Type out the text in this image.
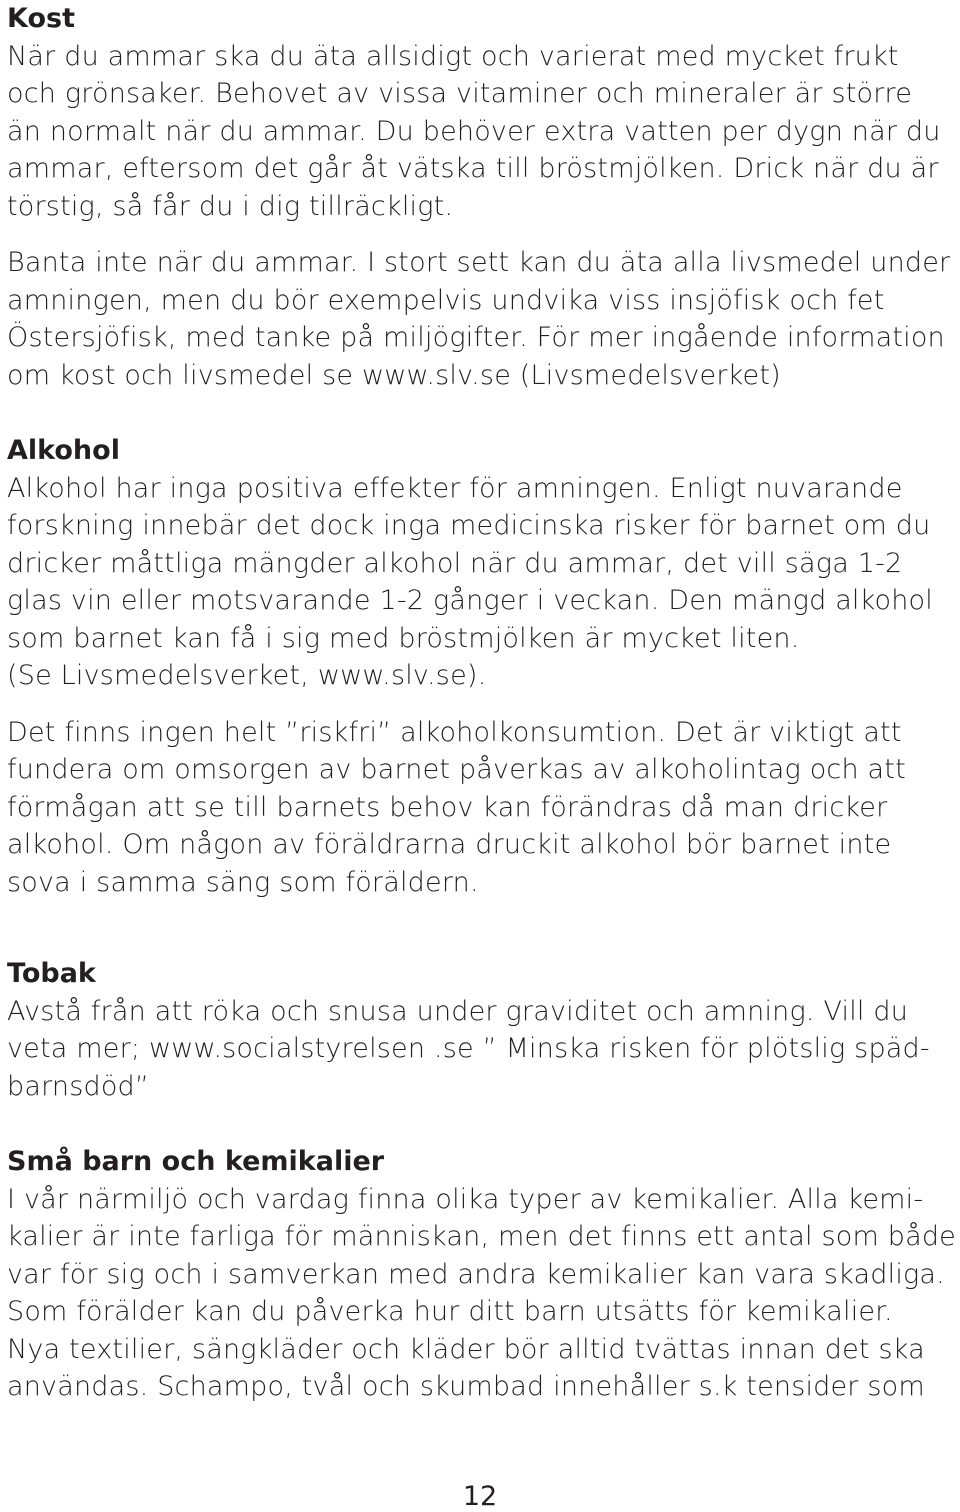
Kost
När du ammar ska du äta allsidigt och varierat med mycket frukt
och grönsaker. Behovet av vissa vitaminer och mineraler är större
än normalt när du ammar. Du behöver extra vatten per dygn när du
ammar, eftersom det går åt vätska till bröstmjölken. Drick när du är
törstig, så får du i dig tillräckligt.
Banta inte när du ammar. I stort sett kan du äta alla livsmedel under
amningen, men du bör exempelvis undvika viss insjöfisk och fet
Östersjöfisk, med tanke på miljögifter. För mer ingående information
om kost och livsmedel se www.slv.se (Livsmedelsverket)
Alkohol
Alkohol har inga positiva effekter för amningen. Enligt nuvarande
forskning innebär det dock inga medicinska risker för barnet om du
dricker måttliga mängder alkohol när du ammar, det vill säga 1-2
glas vin eller motsvarande 1-2 gånger i veckan. Den mängd alkohol
som barnet kan få i sig med bröstmjölken är mycket liten.
(Se Livsmedelsverket, www.slv.se).
Det finns ingen helt ”riskfri” alkoholkonsumtion. Det är viktigt att
fundera om omsorgen av barnet påverkas av alkoholintag och att
förmågan att se till barnets behov kan förändras då man dricker
alkohol. Om någon av föräldrarna druckit alkohol bör barnet inte
sova i samma säng som föräldern.
Tobak
Avstå från att röka och snusa under graviditet och amning. Vill du
veta mer; www.socialstyrelsen .se ” Minska risken för plötslig späd-
barnsdöd”
Små barn och kemikalier
I vår närmiljö och vardag finna olika typer av kemikalier. Alla kemi-
kalier är inte farliga för människan, men det finns ett antal som både
var för sig och i samverkan med andra kemikalier kan vara skadliga.
Som förälder kan du påverka hur ditt barn utsätts för kemikalier.
Nya textilier, sängkläder och kläder bör alltid tvättas innan det ska
användas. Schampo, tvål och skumbad innehåller s.k tensider som
12
